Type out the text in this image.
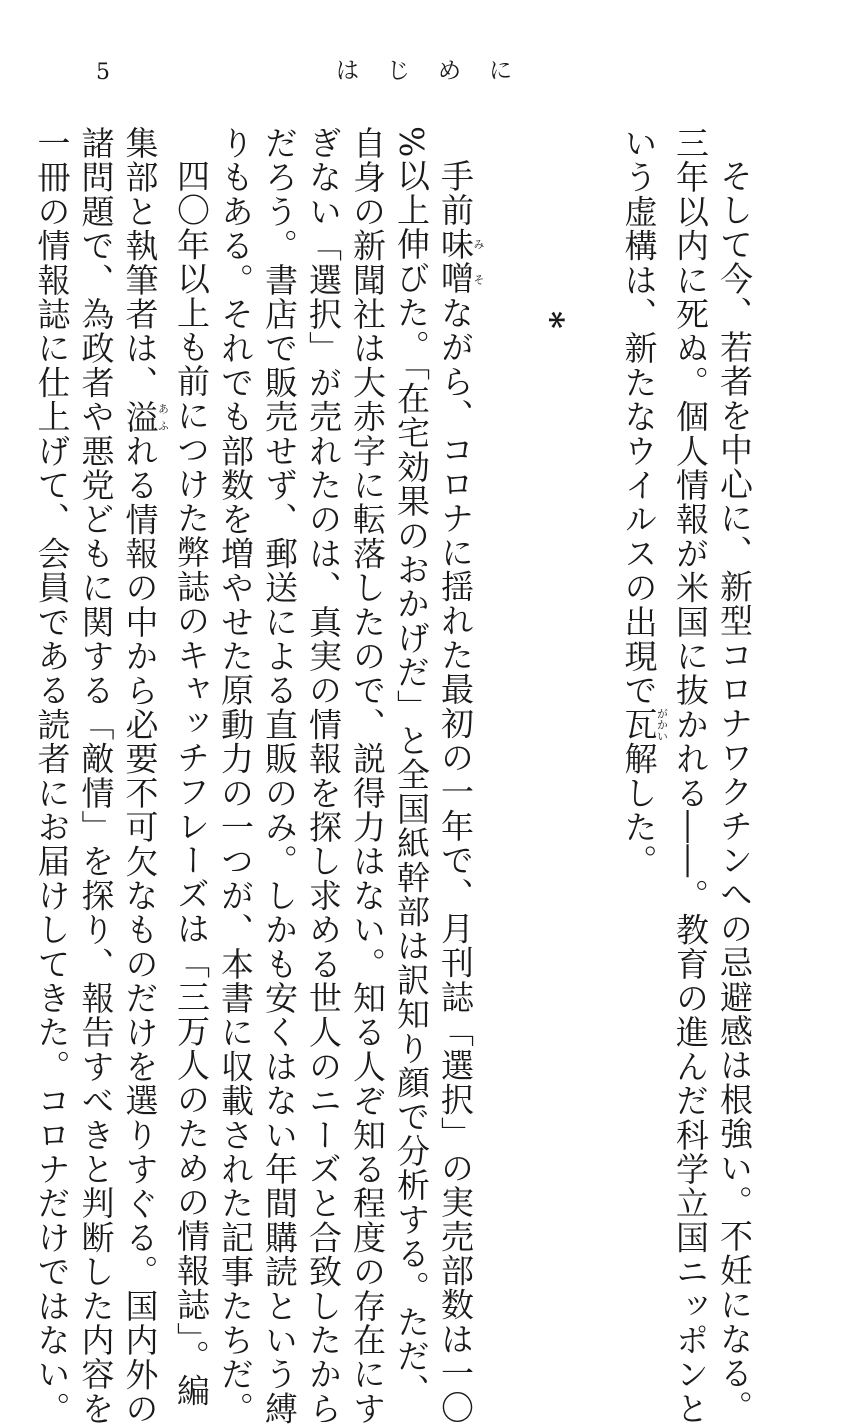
5	はじめに
そして今、若者を中心に、新型コロナワクチンへの忌避感は根強い。不妊になる。
三年以内に死ぬ。個人情報が米国に抜かれる――。教育の進んだ科学立国ニッポンと
いう虚構は、新たなウイルスの出現で瓦がかい解した。
*
手前味噌みそながら、コロナに揺れた最初の一年で、月刊誌「選択」の実売部数は一〇
%以上伸びた。「在宅効果のおかげだ」と全国紙幹部は訳知り顔で分析する。ただ、
自身の新聞社は大赤字に転落したので、説得力はない。知る人ぞ知る程度の存在にす
ぎない「選択」が売れたのは、真実の情報を探し求める世人のニーズと合致したから
だろう。書店で販売せず、郵送による直販のみ。しかも安くはない年間購読という縛
りもある。それでも部数を増やせた原動力の一つが、本書に収載された記事たちだ。
四〇年以上も前につけた弊誌のキャッチフレーズは「三万人のための情報誌」。編
集部と執筆者は、溢あふれる情報の中から必要不可欠なものだけを選りすぐる。国内外の
諸問題で、為政者や悪党どもに関する「敵情」を探り、報告すべきと判断した内容を
一冊の情報誌に仕上げて、会員である読者にお届けしてきた。コロナだけではない。
